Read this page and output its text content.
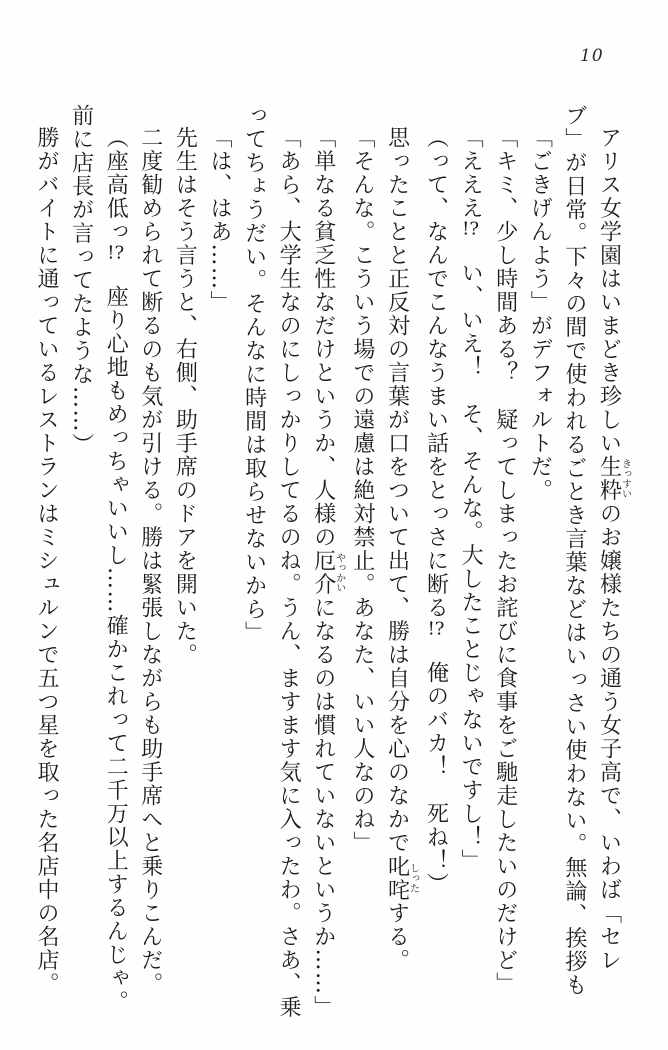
10
アリス女学園はいまどき珍しい生粋きっすいのお嬢様たちの通う女子高で、いわば「セレ
ブ」が日常。下々の間で使われるごとき言葉などはいっさい使わない。無論、挨拶も
「ごきげんよう」がデフォルトだ。
「キミ、少し時間ある？　疑ってしまったお詫びに食事をご馳走したいのだけど」
「えええ!?　い、いえ！　そ、そんな。大したことじゃないですし！」
（って、なんでこんなうまい話をとっさに断る!?　俺のバカ！　死ね！）
思ったことと正反対の言葉が口をついて出て、勝は自分を心のなかで叱咤しったする。
「そんな。こういう場での遠慮は絶対禁止。あなた、いい人なのね」
「単なる貧乏性なだけというか、人様の厄介やっかいになるのは慣れていないというか……」
「あら、大学生なのにしっかりしてるのね。うん、ますます気に入ったわ。さあ、乗
ってちょうだい。そんなに時間は取らせないから」
「は、はあ……」
先生はそう言うと、右側、助手席のドアを開いた。
二度勧められて断るのも気が引ける。勝は緊張しながらも助手席へと乗りこんだ。
（座高低っ!?　座り心地もめっちゃいいし……確かこれって二千万以上するんじゃ。
前に店長が言ってたような……）
勝がバイトに通っているレストランはミシュルンで五つ星を取った名店中の名店。
